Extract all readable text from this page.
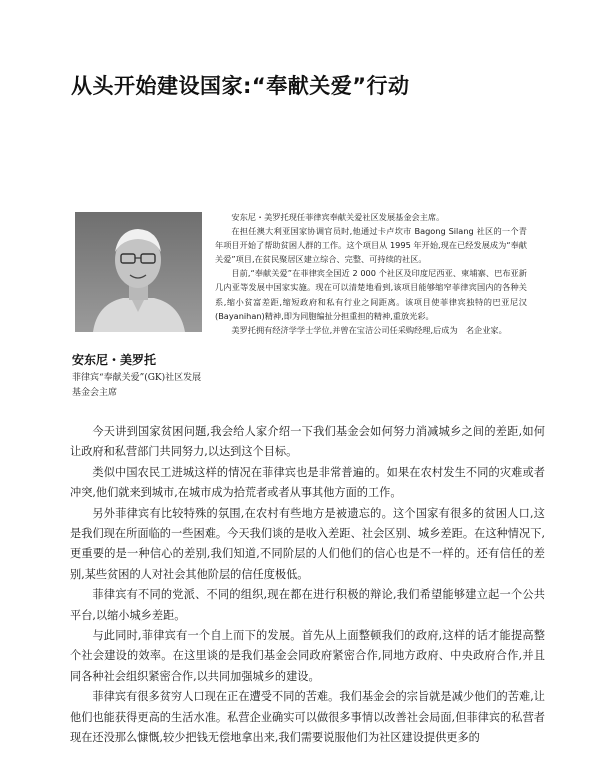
从头开始建设国家:“奉献关爱”行动
安东尼・美罗托
菲律宾“奉献关爱”(GK)社区发展基金会主席

安东尼・美罗托现任菲律宾奉献关爱社区发展基金会主席。

在担任澳大利亚国家协调官员时,他通过卡卢坎市 Bagong Silang 社区的一个青年项目开始了帮助贫困人群的工作。这个项目从 1995 年开始,现在已经发展成为“奉献关爱”项目,在贫民聚居区建立综合、完整、可持续的社区。

目前,“奉献关爱”在菲律宾全国近 2 000 个社区及印度尼西亚、柬埔寨、巴布亚新几内亚等发展中国家实施。现在可以清楚地看到,该项目能够缩窄菲律宾国内的各种关系,缩小贫富差距,缩短政府和私有行业之间距离。该项目使菲律宾独特的巴亚尼汉(Bayanihan)精神,即为同胞编扯分担重担的精神,重放光彩。

美罗托拥有经济学学士学位,并曾在宝洁公司任采购经理,后成为　名企业家。

今天讲到国家贫困问题,我会给人家介绍一下我们基金会如何努力消减城乡之间的差距,如何让政府和私营部门共同努力,以达到这个目标。

类似中国农民工进城这样的情况在菲律宾也是非常普遍的。如果在农村发生不同的灾难或者冲突,他们就来到城市,在城市成为拾荒者或者从事其他方面的工作。

另外菲律宾有比较特殊的氛围,在农村有些地方是被遗忘的。这个国家有很多的贫困人口,这是我们现在所面临的一些困难。今天我们谈的是收入差距、社会区别、城乡差距。在这种情况下,更重要的是一种信心的差别,我们知道,不同阶层的人们他们的信心也是不一样的。还有信任的差别,某些贫困的人对社会其他阶层的信任度极低。

菲律宾有不同的党派、不同的组织,现在都在进行积极的辩论,我们希望能够建立起一个公共平台,以缩小城乡差距。

与此同时,菲律宾有一个自上而下的发展。首先从上面整顿我们的政府,这样的话才能提高整个社会建设的效率。在这里谈的是我们基金会同政府紧密合作,同地方政府、中央政府合作,并且同各种社会组织紧密合作,以共同加强城乡的建设。

菲律宾有很多贫穷人口现在正在遭受不同的苦难。我们基金会的宗旨就是减少他们的苦难,让他们也能获得更高的生活水准。私营企业确实可以做很多事情以改善社会局面,但菲律宾的私营者现在还没那么慷慨,较少把钱无偿地拿出来,我们需要说服他们为社区建设提供更多的
